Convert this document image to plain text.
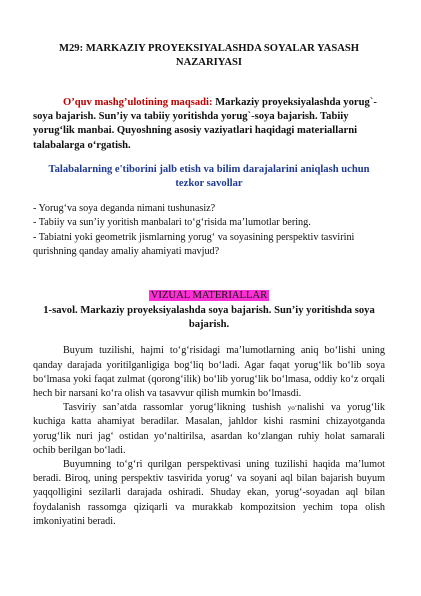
M29: MARKAZIY PROYEKSIYALASHDA SOYALAR YASASH NAZARIYASI

O’quv mashg’ulotining maqsadi: Markaziy proyeksiyalashda yorug`-soya bajarish. Sun’iy va tabiiy yoritishda yorug`-soya bajarish. Tabiiy yorug‘lik manbai. Quyoshning asosiy vaziyatlari haqidagi materiallarni talabalarga o‘rgatish.

Talabalarning e'tiborini jalb etish va bilim darajalarini aniqlash uchun
tezkor savollar

- Yorug‘va soya deganda nimani tushunasiz?

- Tabiiy va sun’iy yoritish manbalari to‘g‘risida ma’lumotlar bering.

- Tabiatni yoki geometrik jismlarning yorug‘ va soyasining perspektiv tasvirini qurishning qanday amaliy ahamiyati mavjud?

VIZUAL MATERIALLAR

1-savol. Markaziy proyeksiyalashda soya bajarish. Sun’iy yoritishda soya bajarish.

Buyum tuzilishi, hajmi to‘g‘risidagi ma’lumotlarning aniq bo‘lishi uning qanday darajada yoritilganligiga bog‘liq bo‘ladi. Agar faqat yorug‘lik bo‘lib soya bo‘lmasa yoki faqat zulmat (qorong‘ilik) bo‘lib yorug‘lik bo‘lmasa, oddiy ko‘z orqali hech bir narsani ko‘ra olish va tasavvur qilish mumkin bo‘lmasdi.

Tasviriy san’atda rassomlar yorug‘likning tushish yo‘nalishi va yorug‘lik kuchiga katta ahamiyat beradilar. Masalan, jahldor kishi rasmini chizayotganda yorug‘lik nuri jag‘ ostidan yo‘naltirilsa, asardan ko‘zlangan ruhiy holat samarali ochib berilgan bo‘ladi.

Buyumning to‘g‘ri qurilgan perspektivasi uning tuzilishi haqida ma’lumot beradi. Biroq, uning perspektiv tasvirida yorug‘ va soyani aql bilan bajarish buyum yaqqolligini sezilarli darajada oshiradi. Shuday ekan, yorug‘-soyadan aql bilan foydalanish rassomga qiziqarli va murakkab kompozitsion yechim topa olish imkoniyatini beradi.
